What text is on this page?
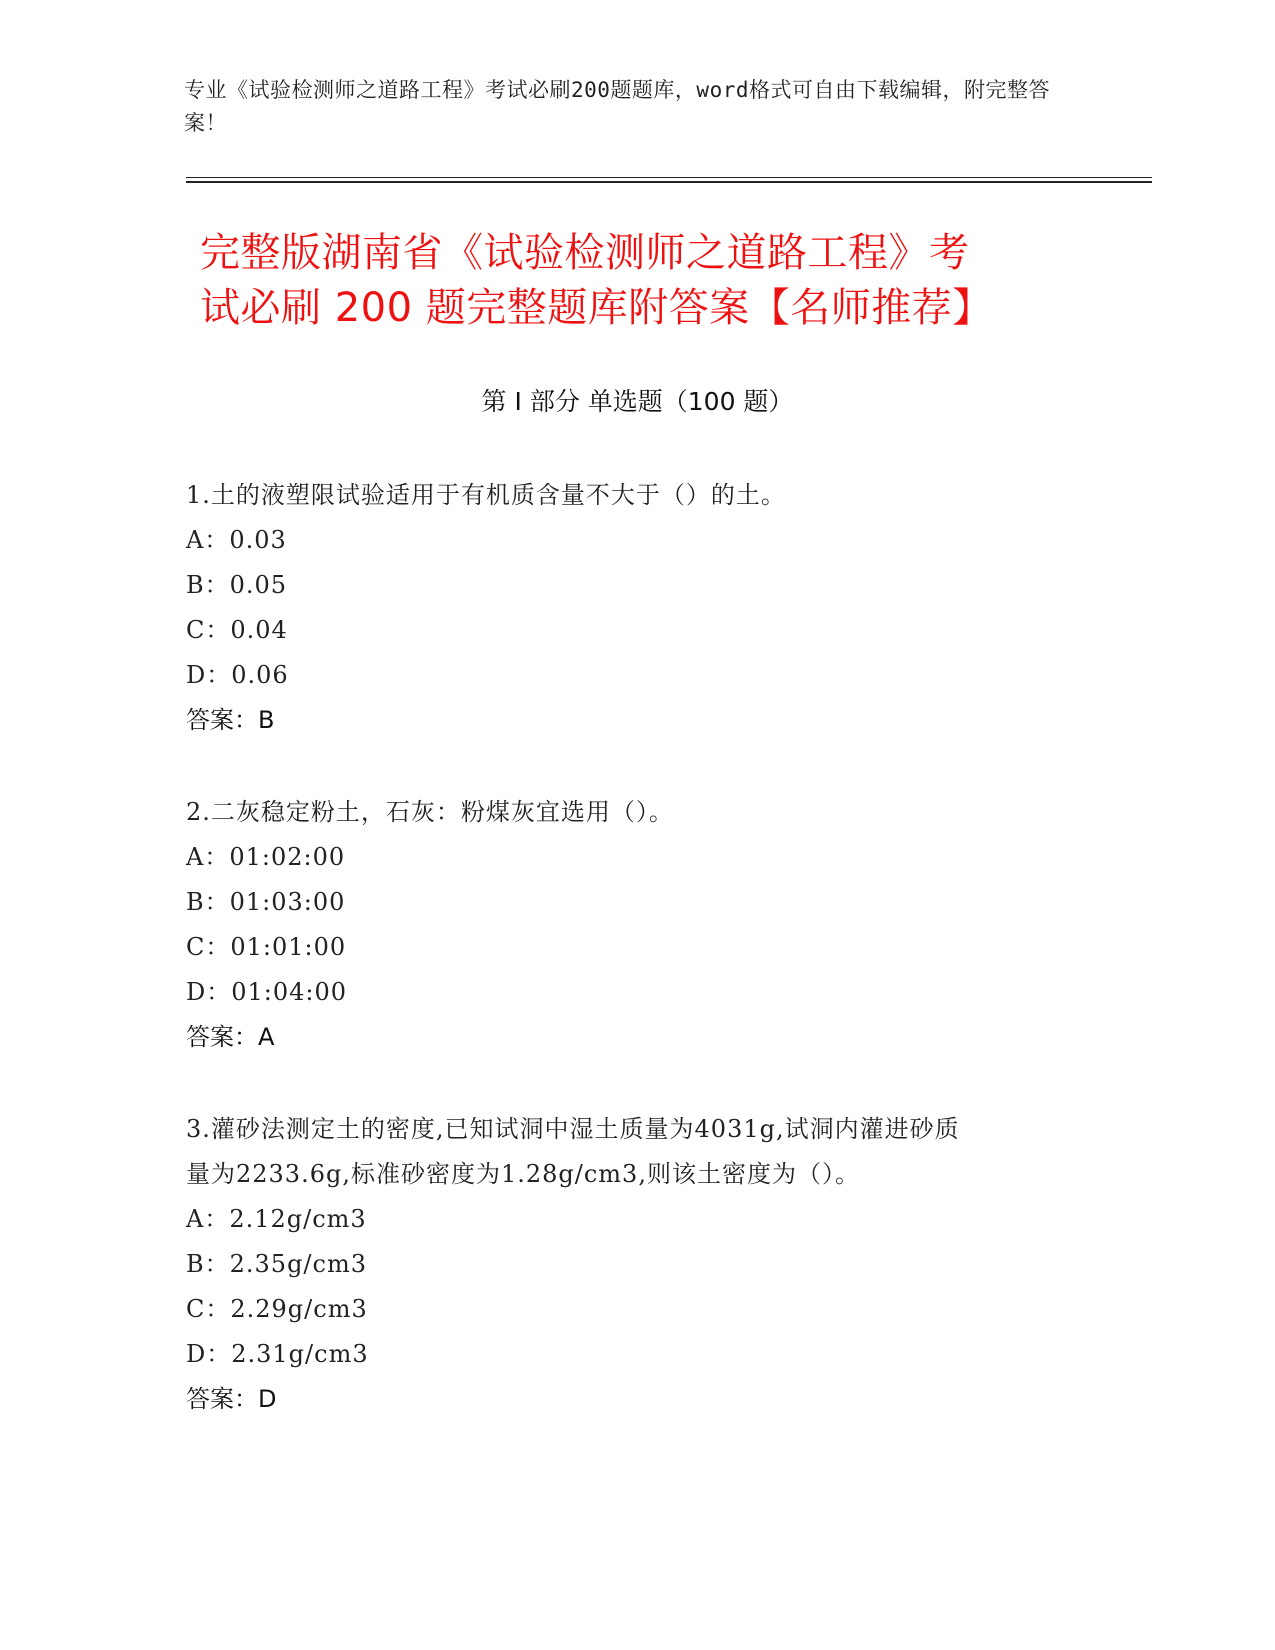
专业《试验检测师之道路工程》考试必刷200题题库，word格式可自由下载编辑，附完整答案！
完整版湖南省《试验检测师之道路工程》考
试必刷 200 题完整题库附答案【名师推荐】
第 I 部分 单选题（100 题）
1.土的液塑限试验适用于有机质含量不大于（）的土。
A：0.03
B：0.05
C：0.04
D：0.06
答案：B
2.二灰稳定粉土，石灰：粉煤灰宜选用（）。
A：01:02:00
B：01:03:00
C：01:01:00
D：01:04:00
答案：A
3.灌砂法测定土的密度,已知试洞中湿土质量为4031g,试洞内灌进砂质
量为2233.6g,标准砂密度为1.28g/cm3,则该土密度为（）。
A：2.12g/cm3
B：2.35g/cm3
C：2.29g/cm3
D：2.31g/cm3
答案：D
